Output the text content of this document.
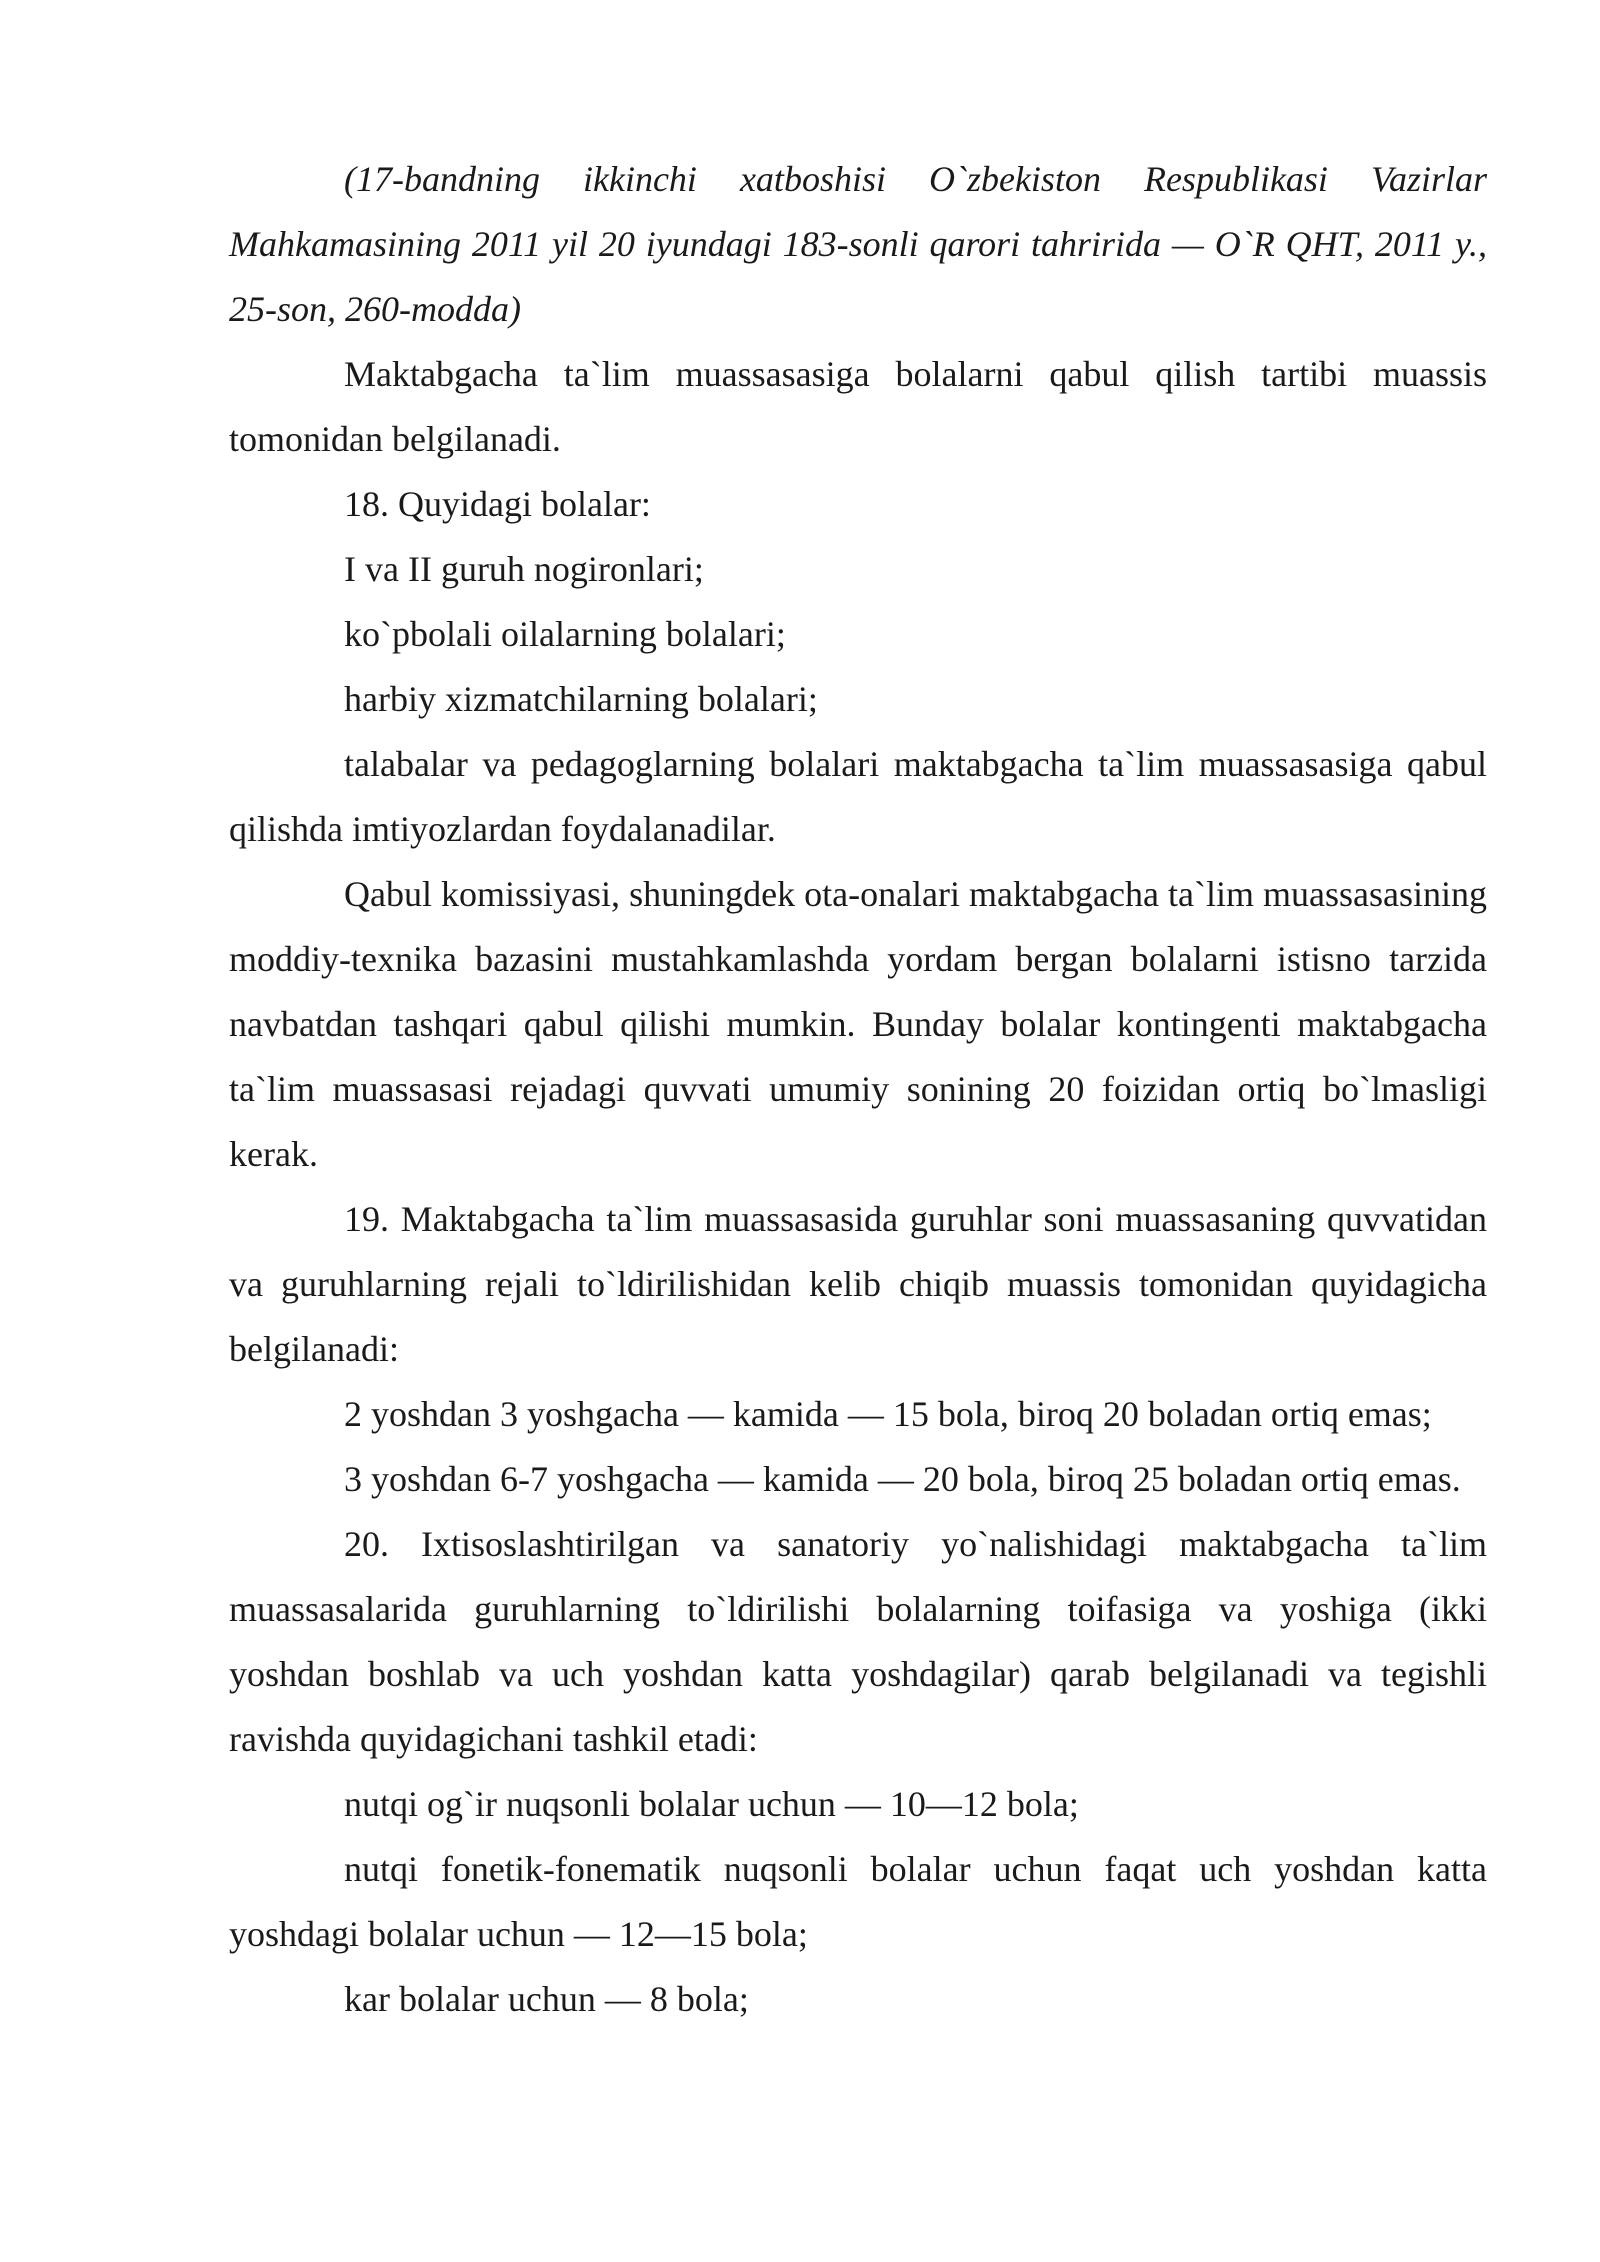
(17-bandning ikkinchi xatboshisi O`zbekiston Respublikasi Vazirlar Mahkamasining 2011 yil 20 iyundagi 183-sonli qarori tahririda — O`R QHT, 2011 y., 25-son, 260-modda)

Maktabgacha ta`lim muassasasiga bolalarni qabul qilish tartibi muassis tomonidan belgilanadi.

18. Quyidagi bolalar:

I va II guruh nogironlari;

ko`pbolali oilalarning bolalari;

harbiy xizmatchilarning bolalari;

talabalar va pedagoglarning bolalari maktabgacha ta`lim muassasasiga qabul qilishda imtiyozlardan foydalanadilar.

Qabul komissiyasi, shuningdek ota-onalari maktabgacha ta`lim muassasasining moddiy-texnika bazasini mustahkamlashda yordam bergan bolalarni istisno tarzida navbatdan tashqari qabul qilishi mumkin. Bunday bolalar kontingenti maktabgacha ta`lim muassasasi rejadagi quvvati umumiy sonining 20 foizidan ortiq bo`lmasligi kerak.

19. Maktabgacha ta`lim muassasasida guruhlar soni muassasaning quvvatidan va guruhlarning rejali to`ldirilishidan kelib chiqib muassis tomonidan quyidagicha belgilanadi:

2 yoshdan 3 yoshgacha — kamida — 15 bola, biroq 20 boladan ortiq emas;

3 yoshdan 6-7 yoshgacha — kamida — 20 bola, biroq 25 boladan ortiq emas.

20. Ixtisoslashtirilgan va sanatoriy yo`nalishidagi maktabgacha ta`lim muassasalarida guruhlarning to`ldirilishi bolalarning toifasiga va yoshiga (ikki yoshdan boshlab va uch yoshdan katta yoshdagilar) qarab belgilanadi va tegishli ravishda quyidagichani tashkil etadi:

nutqi og`ir nuqsonli bolalar uchun — 10—12 bola;

nutqi fonetik-fonematik nuqsonli bolalar uchun faqat uch yoshdan katta yoshdagi bolalar uchun — 12—15 bola;

kar bolalar uchun — 8 bola;
